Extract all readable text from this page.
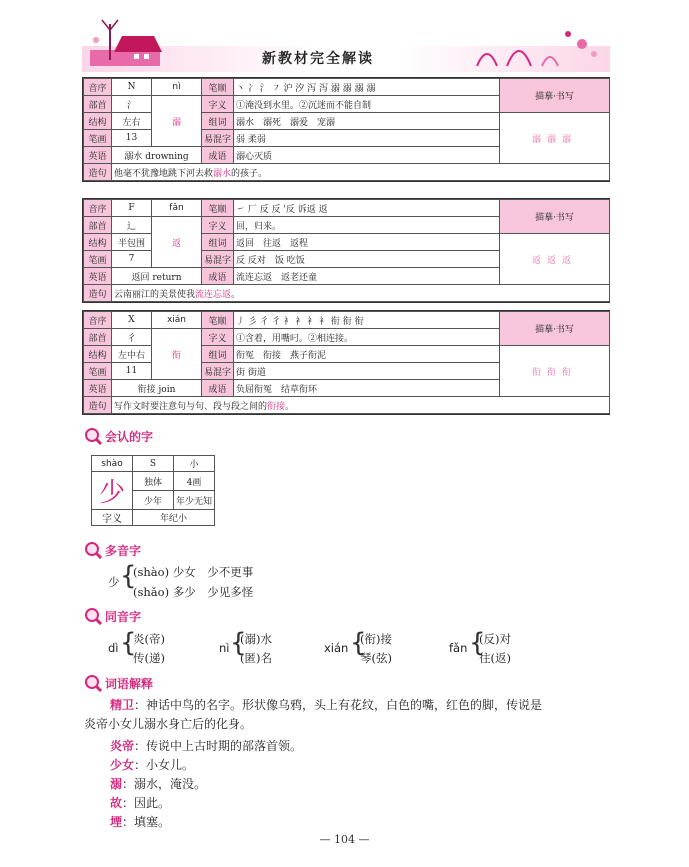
新教材完全解读
音序	N	nì	笔顺	丶 冫 氵 ㇇ 沪 汐 泻 泻 溺 溺 溺 溺	描摹·书写
部首	氵	溺	字义	①淹没到水里。②沉迷而不能自制	
结构	左右		组词	溺水　溺死　溺爱　宠溺	溺溺溺
笔画	13		易混字	弱 柔弱	
英语	溺水 drowning		成语	溺心灭质	
造句	他毫不犹豫地跳下河去救溺水的孩子。				
音序	F	fǎn	笔顺	㇀ 厂 反 反 '反 诉返 返	描摹·书写
部首	辶	返	字义	回，归来。	
结构	半包围		组词	返回　往返　返程	返返返
笔画	7		易混字	反 反对　饭 吃饭	
英语	返回 return		成语	流连忘返　返老还童	
造句	云南丽江的美景使我流连忘返。				
音序	X	xián	笔顺	丿 彡 彳 彳 衤 衤 衤 衤 衔 衔 衔	描摹·书写
部首	彳	衔	字义	①含着，用嘴叼。②相连接。	
结构	左中右		组词	衔冤　衔接　燕子衔泥	衔衔衔
笔画	11		易混字	街 街道	
英语	衔接 join		成语	负屈衔冤　结草衔环	
造句	写作文时要注意句与句、段与段之间的衔接。				
会认的字
shào	S	小
少	独体	4画
	少年	年少无知
字义	年纪小	
多音字
少 {
(shào) 少女　少不更事
(shǎo) 多少　少见多怪
同音字
dì {
炎(帝)
传(递)
nì {
(溺)水
(匿)名
xián {
(衔)接
琴(弦)
fǎn {
(反)对
往(返)
词语解释
精卫：神话中鸟的名字。形状像乌鸦，头上有花纹，白色的嘴，红色的脚，传说是
炎帝小女儿溺水身亡后的化身。
炎帝：传说中上古时期的部落首领。
少女：小女儿。
溺：溺水，淹没。
故：因此。
堙：填塞。
— 104 —
